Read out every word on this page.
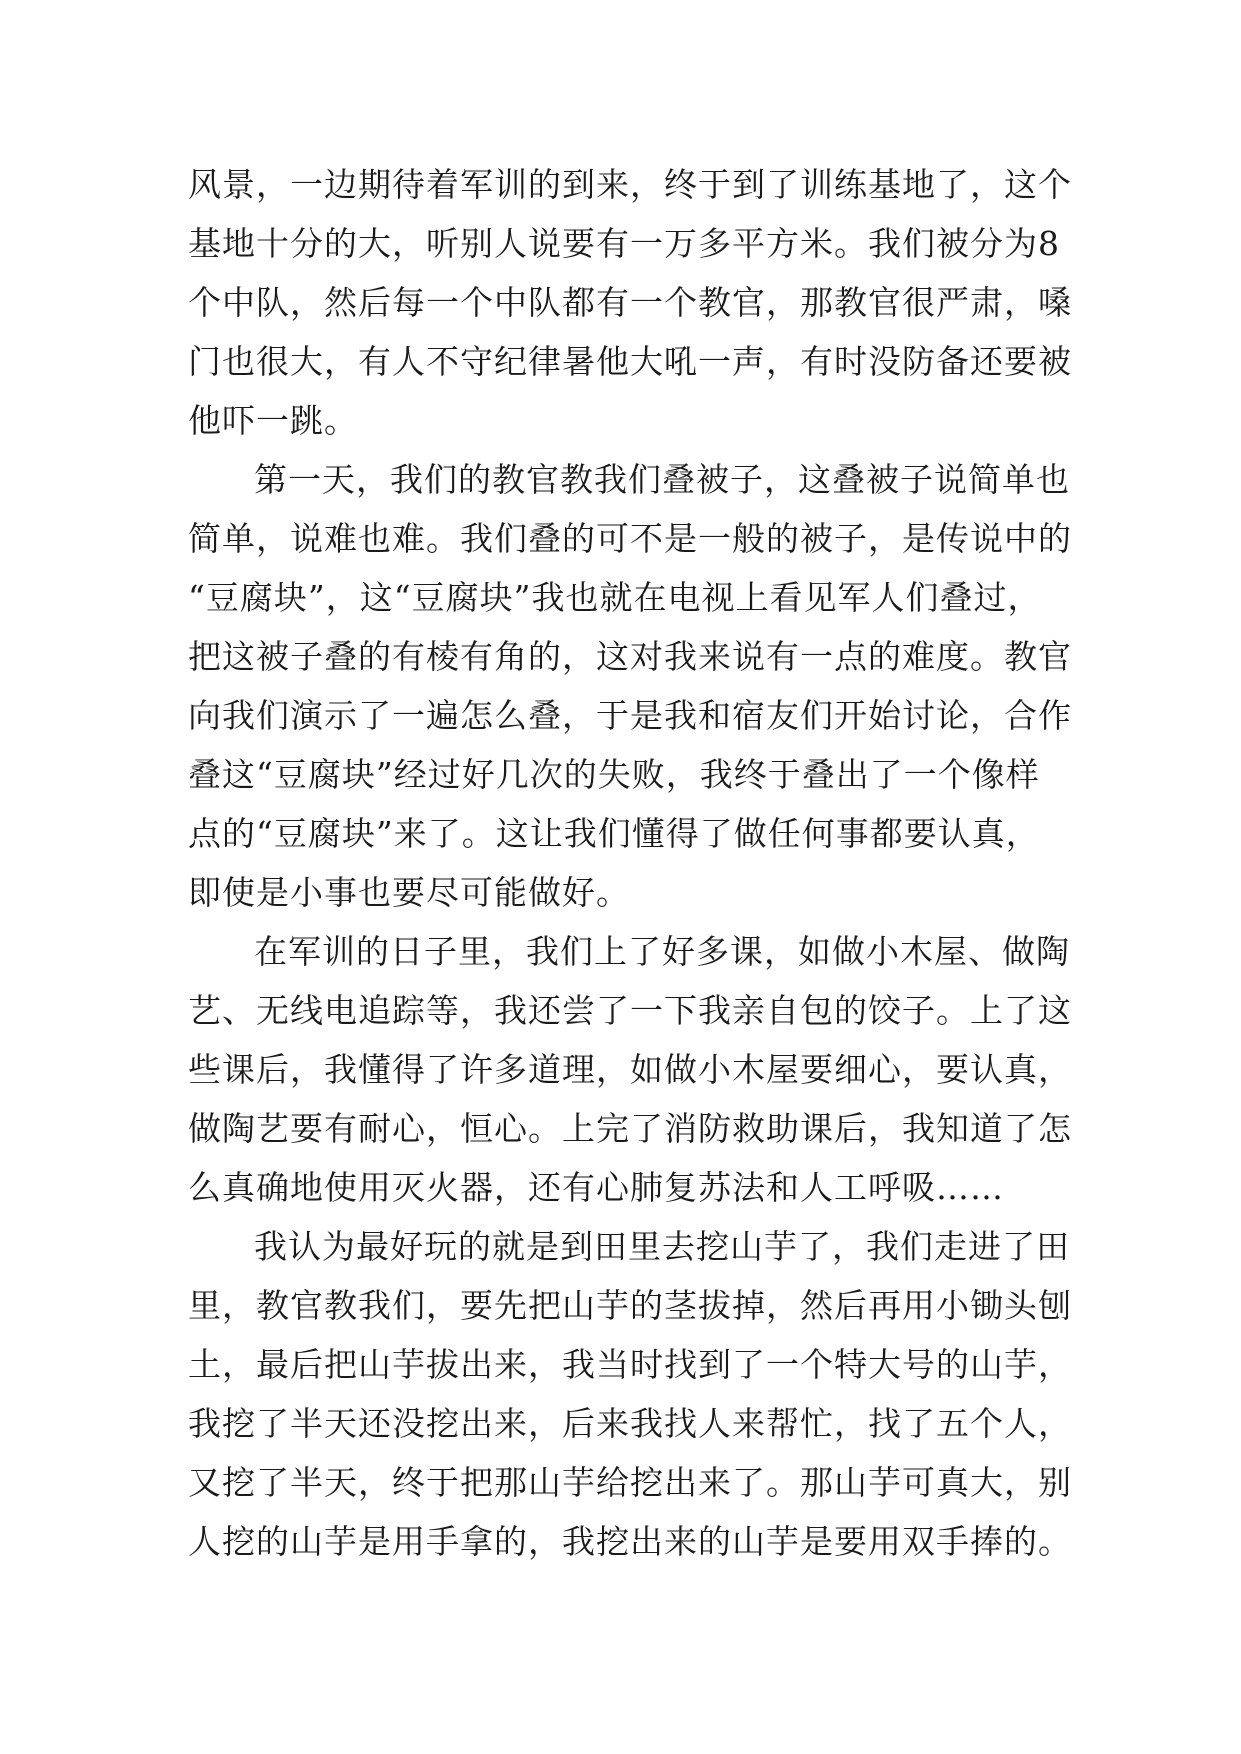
风景，一边期待着军训的到来，终于到了训练基地了，这个
基地十分的大，听别人说要有一万多平方米。我们被分为8
个中队，然后每一个中队都有一个教官，那教官很严肃，嗓
门也很大，有人不守纪律暑他大吼一声，有时没防备还要被
他吓一跳。
第一天，我们的教官教我们叠被子，这叠被子说简单也
简单，说难也难。我们叠的可不是一般的被子，是传说中的
“豆腐块”，这“豆腐块”我也就在电视上看见军人们叠过，
把这被子叠的有棱有角的，这对我来说有一点的难度。教官
向我们演示了一遍怎么叠，于是我和宿友们开始讨论，合作
叠这“豆腐块”经过好几次的失败，我终于叠出了一个像样
点的“豆腐块”来了。这让我们懂得了做任何事都要认真，
即使是小事也要尽可能做好。
在军训的日子里，我们上了好多课，如做小木屋、做陶
艺、无线电追踪等，我还尝了一下我亲自包的饺子。上了这
些课后，我懂得了许多道理，如做小木屋要细心，要认真，
做陶艺要有耐心，恒心。上完了消防救助课后，我知道了怎
么真确地使用灭火器，还有心肺复苏法和人工呼吸……
我认为最好玩的就是到田里去挖山芋了，我们走进了田
里，教官教我们，要先把山芋的茎拔掉，然后再用小锄头刨
土，最后把山芋拔出来，我当时找到了一个特大号的山芋，
我挖了半天还没挖出来，后来我找人来帮忙，找了五个人，
又挖了半天，终于把那山芋给挖出来了。那山芋可真大，别
人挖的山芋是用手拿的，我挖出来的山芋是要用双手捧的。
